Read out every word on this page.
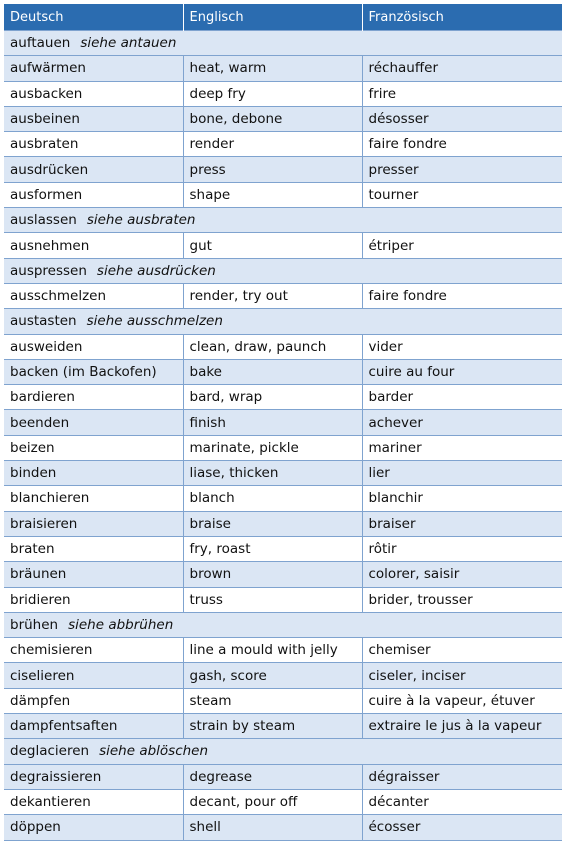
Deutsch	Englisch	Französisch
auftauen siehe antauen		
aufwärmen	heat, warm	réchauffer
ausbacken	deep fry	frire
ausbeinen	bone, debone	désosser
ausbraten	render	faire fondre
ausdrücken	press	presser
ausformen	shape	tourner
auslassen siehe ausbraten		
ausnehmen	gut	étriper
auspressen siehe ausdrücken		
ausschmelzen	render, try out	faire fondre
austasten siehe ausschmelzen		
ausweiden	clean, draw, paunch	vider
backen (im Backofen)	bake	cuire au four
bardieren	bard, wrap	barder
beenden	finish	achever
beizen	marinate, pickle	mariner
binden	liase, thicken	lier
blanchieren	blanch	blanchir
braisieren	braise	braiser
braten	fry, roast	rôtir
bräunen	brown	colorer, saisir
bridieren	truss	brider, trousser
brühen siehe abbrühen		
chemisieren	line a mould with jelly	chemiser
ciselieren	gash, score	ciseler, inciser
dämpfen	steam	cuire à la vapeur, étuver
dampfentsaften	strain by steam	extraire le jus à la vapeur
deglacieren siehe ablöschen		
degraissieren	degrease	dégraisser
dekantieren	decant, pour off	décanter
döppen	shell	écosser
